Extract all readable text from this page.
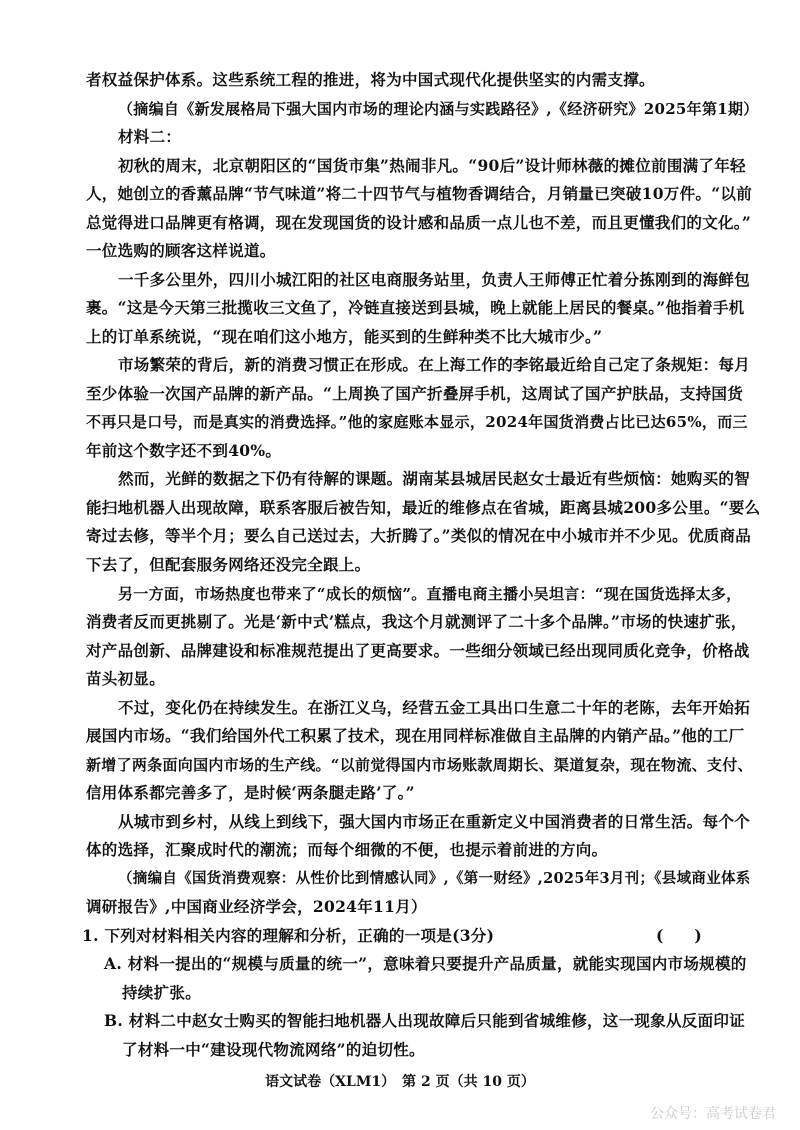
者权益保护体系。这些系统工程的推进，将为中国式现代化提供坚实的内需支撑。
（摘编自《新发展格局下强大国内市场的理论内涵与实践路径》,《经济研究》2025年第1期）
材料二：
初秋的周末，北京朝阳区的“国货市集”热闹非凡。“90后”设计师林薇的摊位前围满了年轻
人，她创立的香薰品牌“节气味道”将二十四节气与植物香调结合，月销量已突破10万件。“以前
总觉得进口品牌更有格调，现在发现国货的设计感和品质一点儿也不差，而且更懂我们的文化。”
一位选购的顾客这样说道。
一千多公里外，四川小城江阳的社区电商服务站里，负责人王师傅正忙着分拣刚到的海鲜包
裹。“这是今天第三批揽收三文鱼了，冷链直接送到县城，晚上就能上居民的餐桌。”他指着手机
上的订单系统说，“现在咱们这小地方，能买到的生鲜种类不比大城市少。”
市场繁荣的背后，新的消费习惯正在形成。在上海工作的李铭最近给自己定了条规矩：每月
至少体验一次国产品牌的新产品。“上周换了国产折叠屏手机，这周试了国产护肤品，支持国货
不再只是口号，而是真实的消费选择。”他的家庭账本显示，2024年国货消费占比已达65%，而三
年前这个数字还不到40%。
然而，光鲜的数据之下仍有待解的课题。湖南某县城居民赵女士最近有些烦恼：她购买的智
能扫地机器人出现故障，联系客服后被告知，最近的维修点在省城，距离县城200多公里。“要么
寄过去修，等半个月；要么自己送过去，大折腾了。”类似的情况在中小城市并不少见。优质商品
下去了，但配套服务网络还没完全跟上。
另一方面，市场热度也带来了“成长的烦恼”。直播电商主播小吴坦言：“现在国货选择太多，
消费者反而更挑剔了。光是‘新中式’糕点，我这个月就测评了二十多个品牌。”市场的快速扩张，
对产品创新、品牌建设和标准规范提出了更高要求。一些细分领域已经出现同质化竞争，价格战
苗头初显。
不过，变化仍在持续发生。在浙江义乌，经营五金工具出口生意二十年的老陈，去年开始拓
展国内市场。“我们给国外代工积累了技术，现在用同样标准做自主品牌的内销产品。”他的工厂
新增了两条面向国内市场的生产线。“以前觉得国内市场账款周期长、渠道复杂，现在物流、支付、
信用体系都完善多了，是时候‘两条腿走路’了。”
从城市到乡村，从线上到线下，强大国内市场正在重新定义中国消费者的日常生活。每个个
体的选择，汇聚成时代的潮流；而每个细微的不便，也提示着前进的方向。
（摘编自《国货消费观察：从性价比到情感认同》,《第一财经》,2025年3月刊；《县域商业体系
调研报告》,中国商业经济学会，2024年11月）
1. 下列对材料相关内容的理解和分析，正确的一项是(3分)
A. 材料一提出的“规模与质量的统一”，意味着只要提升产品质量，就能实现国内市场规模的
持续扩张。
B. 材料二中赵女士购买的智能扫地机器人出现故障后只能到省城维修，这一现象从反面印证
了材料一中“建设现代物流网络”的迫切性。
(　　)
语文试卷（XLM1）　第 2 页（共 10 页）
公众号：高考试卷君
